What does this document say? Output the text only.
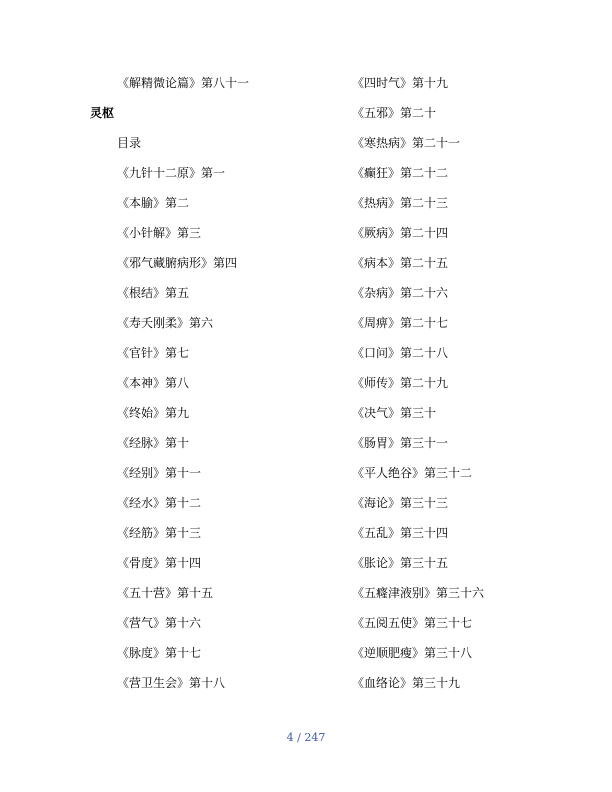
《解精微论篇》第八十一
灵枢
目录
《九针十二原》第一
《本腧》第二
《小针解》第三
《邪气藏腑病形》第四
《根结》第五
《寿夭刚柔》第六
《官针》第七
《本神》第八
《终始》第九
《经脉》第十
《经别》第十一
《经水》第十二
《经筋》第十三
《骨度》第十四
《五十营》第十五
《营气》第十六
《脉度》第十七
《营卫生会》第十八
《四时气》第十九
《五邪》第二十
《寒热病》第二十一
《癫狂》第二十二
《热病》第二十三
《厥病》第二十四
《病本》第二十五
《杂病》第二十六
《周痹》第二十七
《口问》第二十八
《师传》第二十九
《决气》第三十
《肠胃》第三十一
《平人绝谷》第三十二
《海论》第三十三
《五乱》第三十四
《胀论》第三十五
《五癃津液别》第三十六
《五阅五使》第三十七
《逆顺肥瘦》第三十八
《血络论》第三十九
4 / 247
